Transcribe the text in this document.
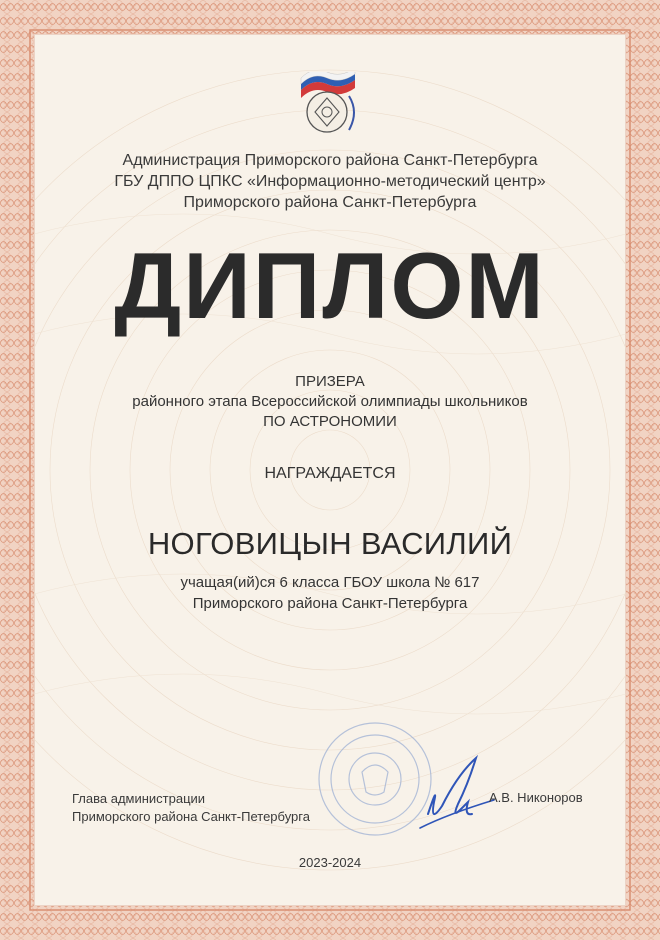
Администрация Приморского района Санкт-Петербурга
ГБУ ДППО ЦПКС «Информационно-методический центр»
Приморского района Санкт-Петербурга
ДИПЛОМ
ПРИЗЕРА
районного этапа Всероссийской олимпиады школьников
ПО АСТРОНОМИИ
НАГРАЖДАЕТСЯ
НОГОВИЦЫН ВАСИЛИЙ
учащая(ий)ся 6 класса ГБОУ школа № 617
Приморского района Санкт-Петербурга
Глава администрации
Приморского района Санкт-Петербурга
А.В. Никоноров
2023-2024
